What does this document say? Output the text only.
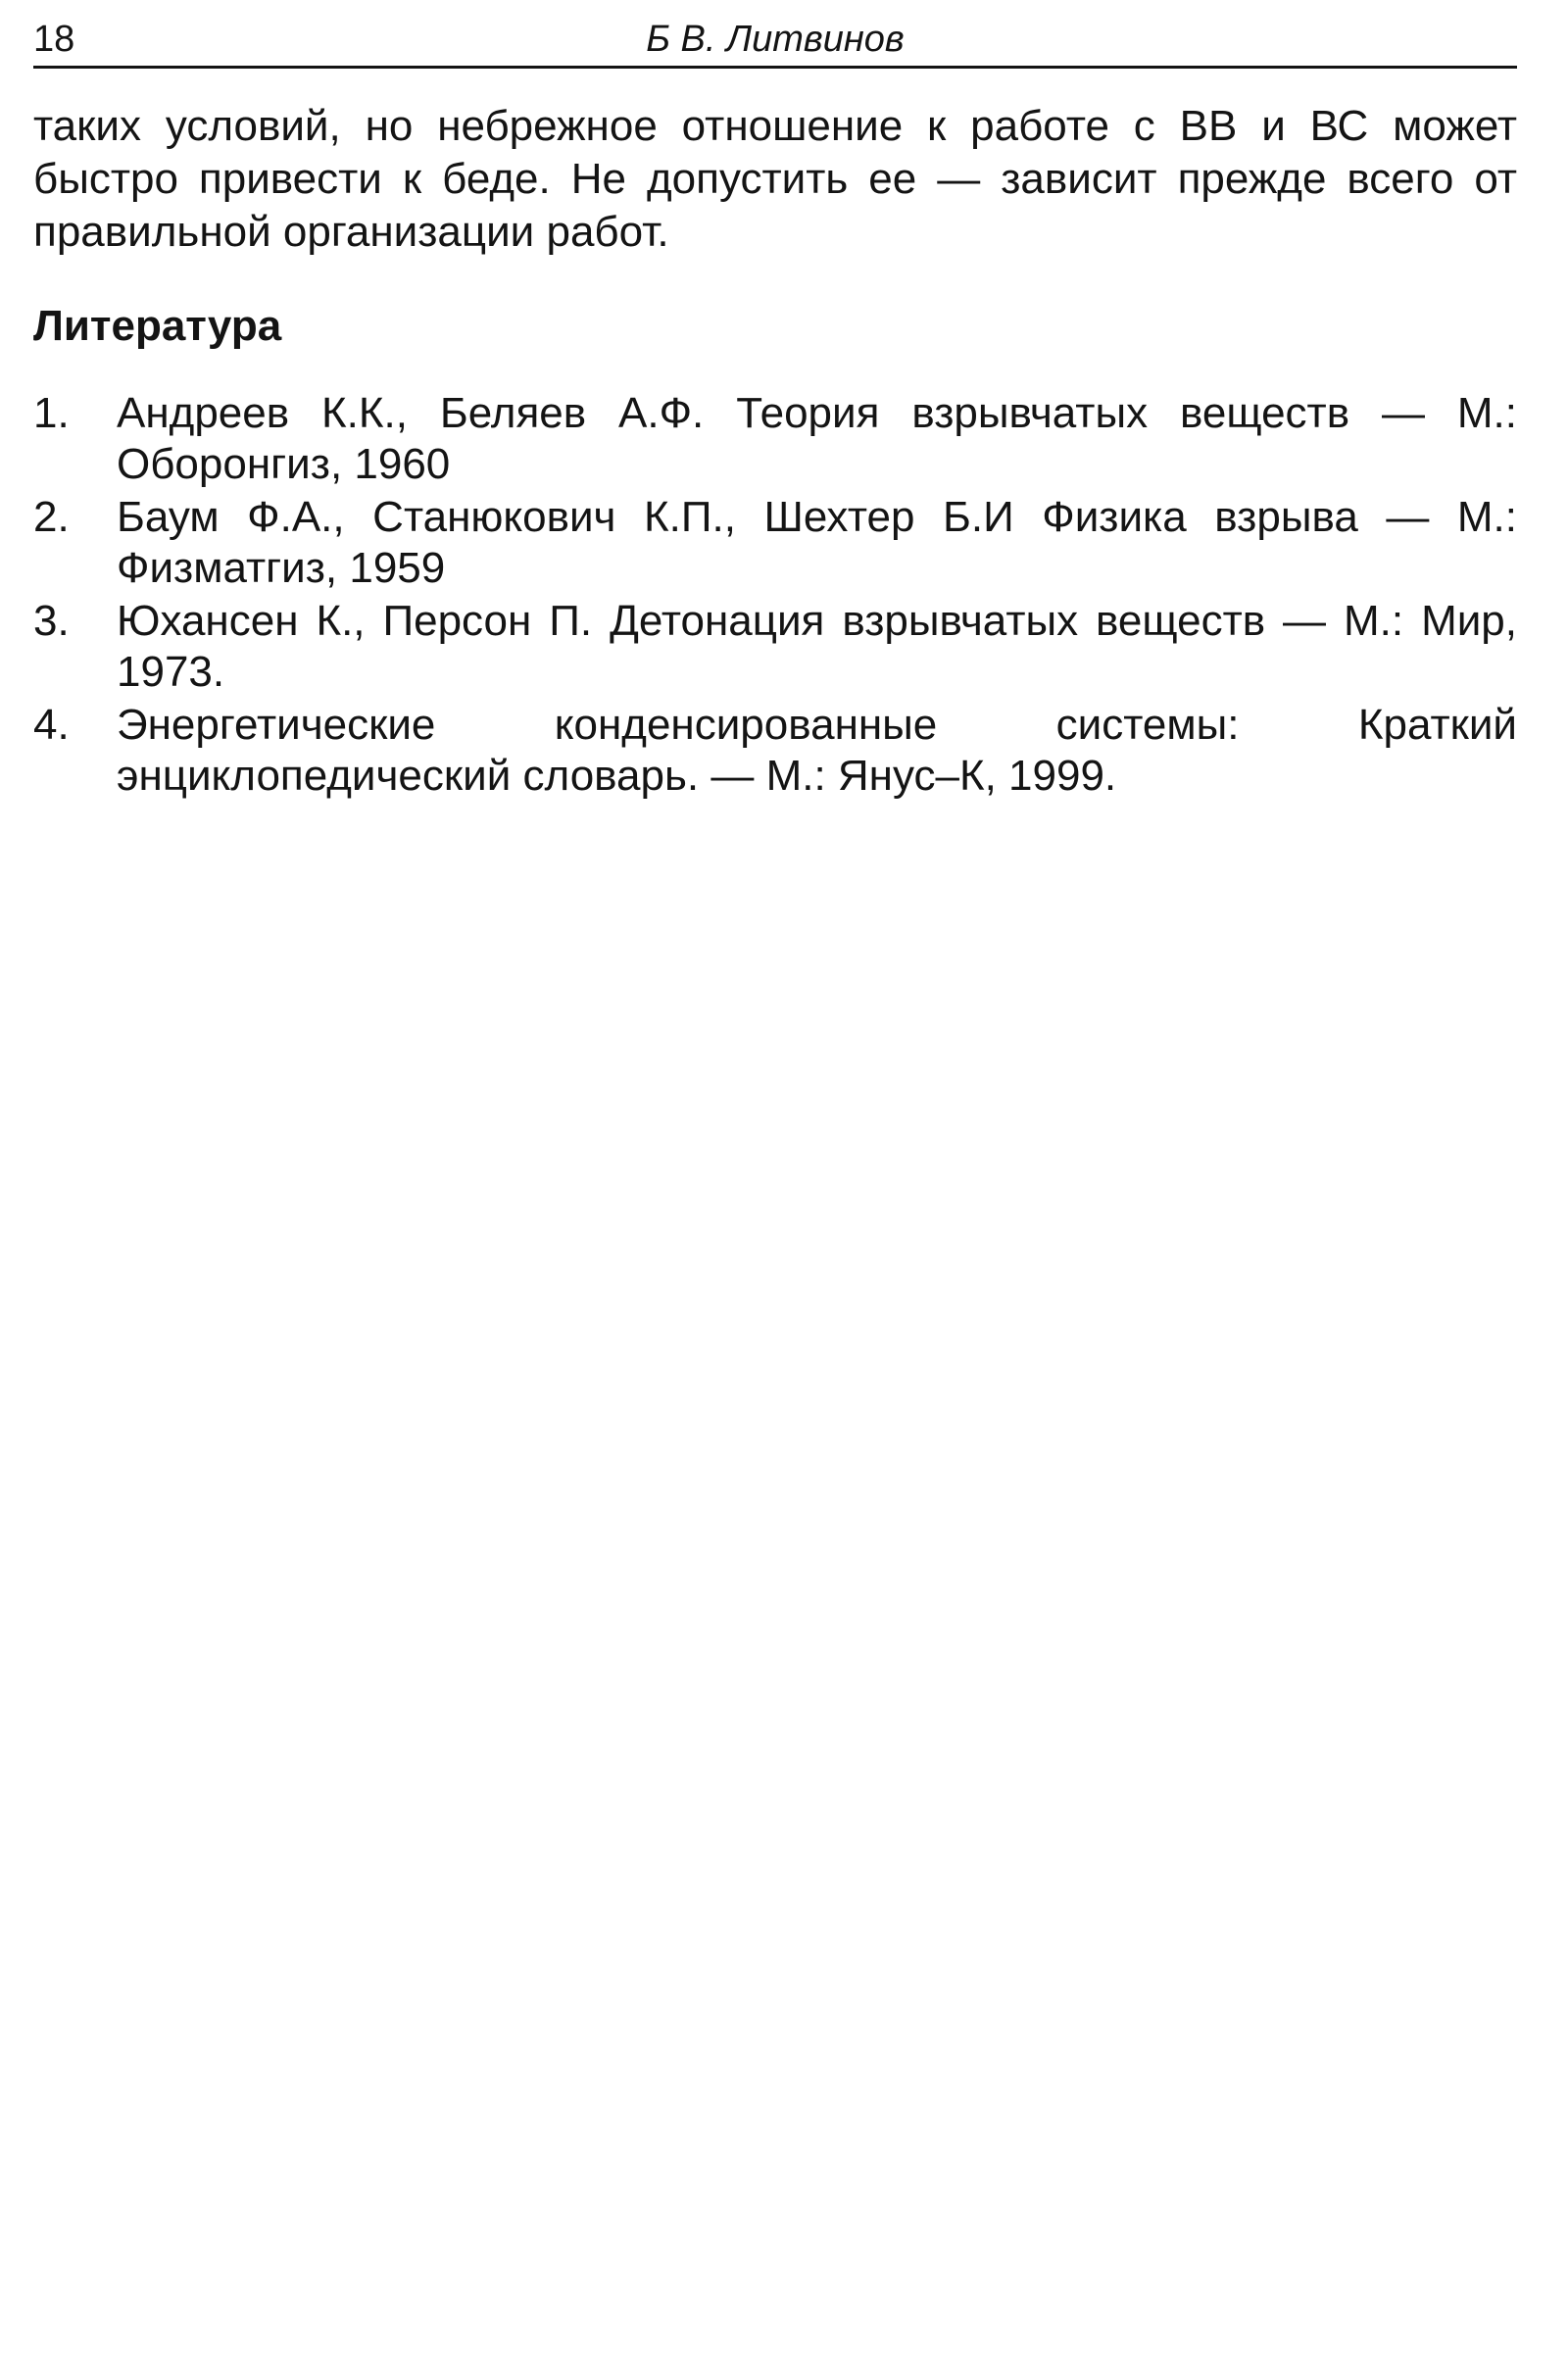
18	Б В. Литвинов

таких условий, но небрежное отношение к работе с ВВ и ВС может быстро привести к беде. Не допустить ее — зависит прежде всего от правильной организации работ.

Литература
1.	Андреев К.К., Беляев А.Ф. Теория взрывчатых веществ — М.: Оборонгиз, 1960
2.	Баум Ф.А., Станюкович К.П., Шехтер Б.И Физика взрыва — М.: Физматгиз, 1959
3.	Юхансен К., Персон П. Детонация взрывчатых веществ — М.: Мир, 1973.
4.	Энергетические конденсированные системы: Краткий энциклопедический словарь. — М.: Янус–К, 1999.
